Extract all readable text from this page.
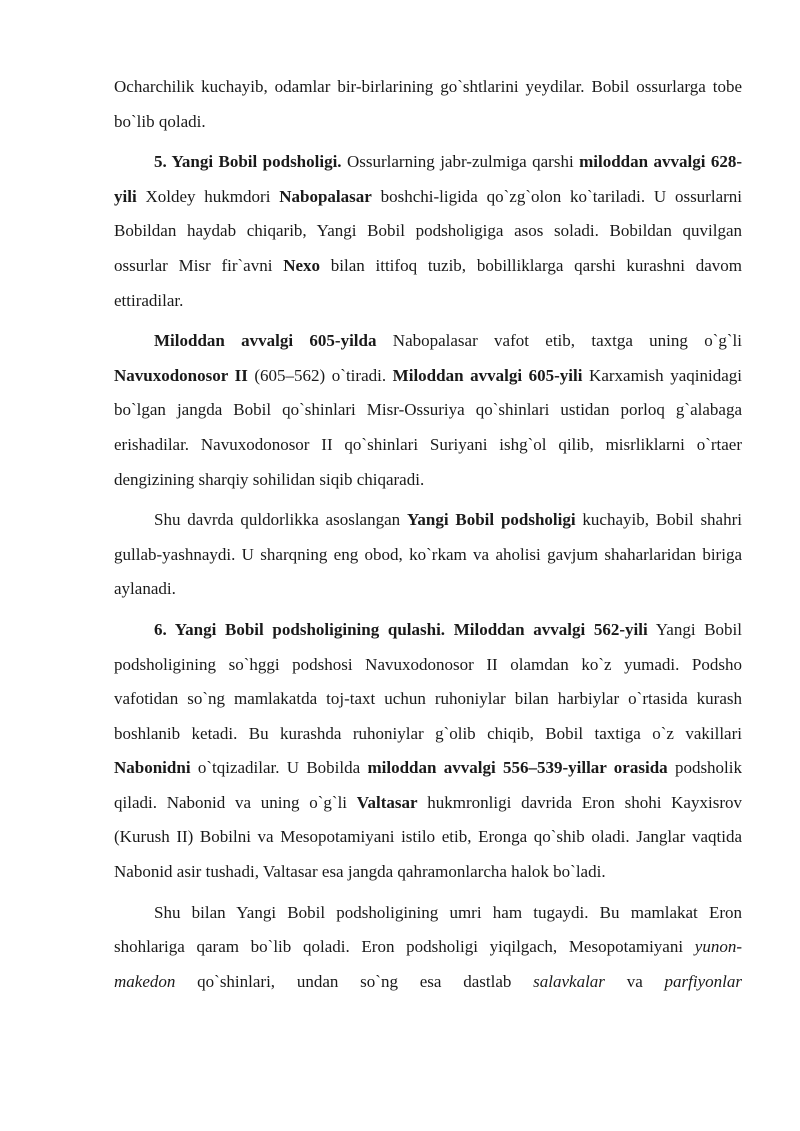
Ocharchilik kuchayib, odamlar bir-birlarining go`shtlarini yeydilar. Bobil ossurlarga tobe bo`lib qoladi.

5. Yangi Bobil podsholigi. Ossurlarning jabr-zulmiga qarshi miloddan avvalgi 628-yili Xoldey hukmdori Nabopalasar boshchi-ligida qo`zg`olon ko`tariladi. U ossurlarni Bobildan haydab chiqarib, Yangi Bobil podsholigiga asos soladi. Bobildan quvilgan ossurlar Misr fir`avni Nexo bilan ittifoq tuzib, bobilliklarga qarshi kurashni davom ettiradilar.

Miloddan avvalgi 605-yilda Nabopalasar vafot etib, taxtga uning o`g`li Navuxodonosor II (605–562) o`tiradi. Miloddan avvalgi 605-yili Karxamish yaqinidagi bo`lgan jangda Bobil qo`shinlari Misr-Ossuriya qo`shinlari ustidan porloq g`alabaga erishadilar. Navuxodonosor II qo`shinlari Suriyani ishg`ol qilib, misrliklarni o`rtaer dengizining sharqiy sohilidan siqib chiqaradi.

Shu davrda quldorlikka asoslangan Yangi Bobil podsholigi kuchayib, Bobil shahri gullab-yashnaydi. U sharqning eng obod, ko`rkam va aholisi gavjum shaharlaridan biriga aylanadi.

6. Yangi Bobil podsholigining qulashi. Miloddan avvalgi 562-yili Yangi Bobil podsholigining so`hggi podshosi Navuxodonosor II olamdan ko`z yumadi. Podsho vafotidan so`ng mamlakatda toj-taxt uchun ruhoniylar bilan harbiylar o`rtasida kurash boshlanib ketadi. Bu kurashda ruhoniylar g`olib chiqib, Bobil taxtiga o`z vakillari Nabonidni o`tqizadilar. U Bobilda miloddan avvalgi 556–539-yillar orasida podsholik qiladi. Nabonid va uning o`g`li Valtasar hukmronligi davrida Eron shohi Kayxisrov (Kurush II) Bobilni va Mesopotamiyani istilo etib, Eronga qo`shib oladi. Janglar vaqtida Nabonid asir tushadi, Valtasar esa jangda qahramonlarcha halok bo`ladi.

Shu bilan Yangi Bobil podsholigining umri ham tugaydi. Bu mamlakat Eron shohlariga qaram bo`lib qoladi. Eron podsholigi yiqilgach, Mesopotamiyani yunon-makedon qo`shinlari, undan so`ng esa dastlab salavkalar va parfiyonlar
